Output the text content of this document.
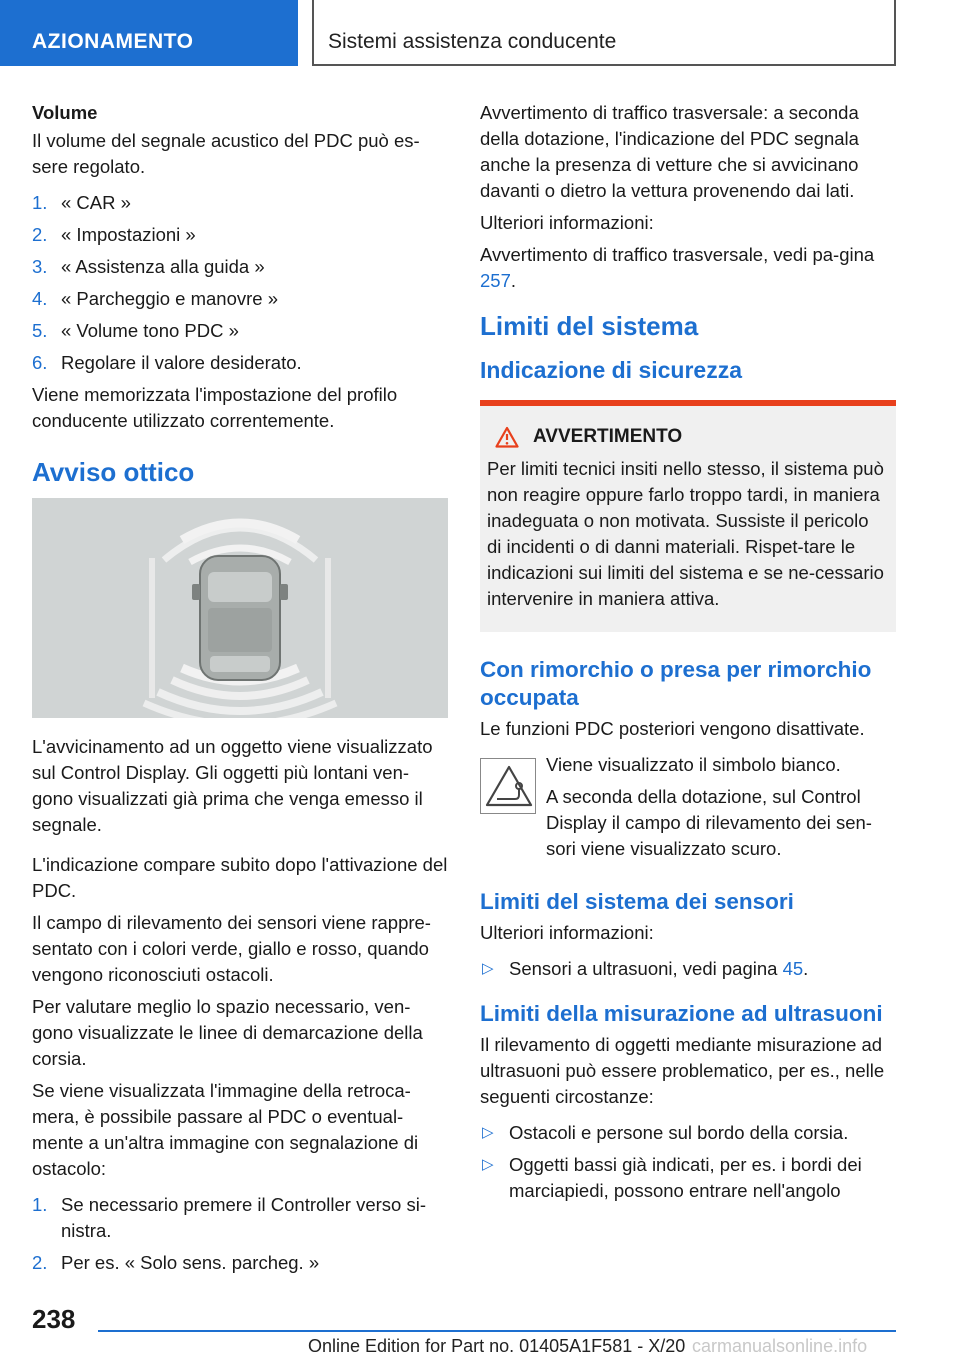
AZIONAMENTO	Sistemi assistenza conducente

Volume

Il volume del segnale acustico del PDC può es-sere regolato.

1. « CAR »
2. « Impostazioni »
3. « Assistenza alla guida »
4. « Parcheggio e manovre »
5. « Volume tono PDC »
6. Regolare il valore desiderato.

Viene memorizzata l'impostazione del profilo conducente utilizzato correntemente.

Avviso ottico

L'avvicinamento ad un oggetto viene visualizzato sul Control Display. Gli oggetti più lontani ven-gono visualizzati già prima che venga emesso il segnale.

L'indicazione compare subito dopo l'attivazione del PDC.

Il campo di rilevamento dei sensori viene rappre-sentato con i colori verde, giallo e rosso, quando vengono riconosciuti ostacoli.

Per valutare meglio lo spazio necessario, ven-gono visualizzate le linee di demarcazione della corsia.

Se viene visualizzata l'immagine della retroca-mera, è possibile passare al PDC o eventual-mente a un'altra immagine con segnalazione di ostacolo:

1. Se necessario premere il Controller verso si-nistra.
2. Per es. « Solo sens. parcheg. »

Avvertimento di traffico trasversale: a seconda della dotazione, l'indicazione del PDC segnala anche la presenza di vetture che si avvicinano davanti o dietro la vettura provenendo dai lati.

Ulteriori informazioni:

Avvertimento di traffico trasversale, vedi pa-gina 257.

Limiti del sistema
Indicazione di sicurezza
AVVERTIMENTO
Per limiti tecnici insiti nello stesso, il sistema può non reagire oppure farlo troppo tardi, in maniera inadeguata o non motivata. Sussiste il pericolo di incidenti o di danni materiali. Rispet-tare le indicazioni sui limiti del sistema e se ne-cessario intervenire in maniera attiva.
Con rimorchio o presa per rimorchio occupata

Le funzioni PDC posteriori vengono disattivate.

Viene visualizzato il simbolo bianco.

A seconda della dotazione, sul Control Display il campo di rilevamento dei sen-sori viene visualizzato scuro.

Limiti del sistema dei sensori

Ulteriori informazioni:

▷ Sensori a ultrasuoni, vedi pagina 45.
Limiti della misurazione ad ultrasuoni

Il rilevamento di oggetti mediante misurazione ad ultrasuoni può essere problematico, per es., nelle seguenti circostanze:

▷ Ostacoli e persone sul bordo della corsia.
▷ Oggetti bassi già indicati, per es. i bordi dei marciapiedi, possono entrare nell'angolo
238
Online Edition for Part no. 01405A1F581 - X/20 carmanualsonline.info
